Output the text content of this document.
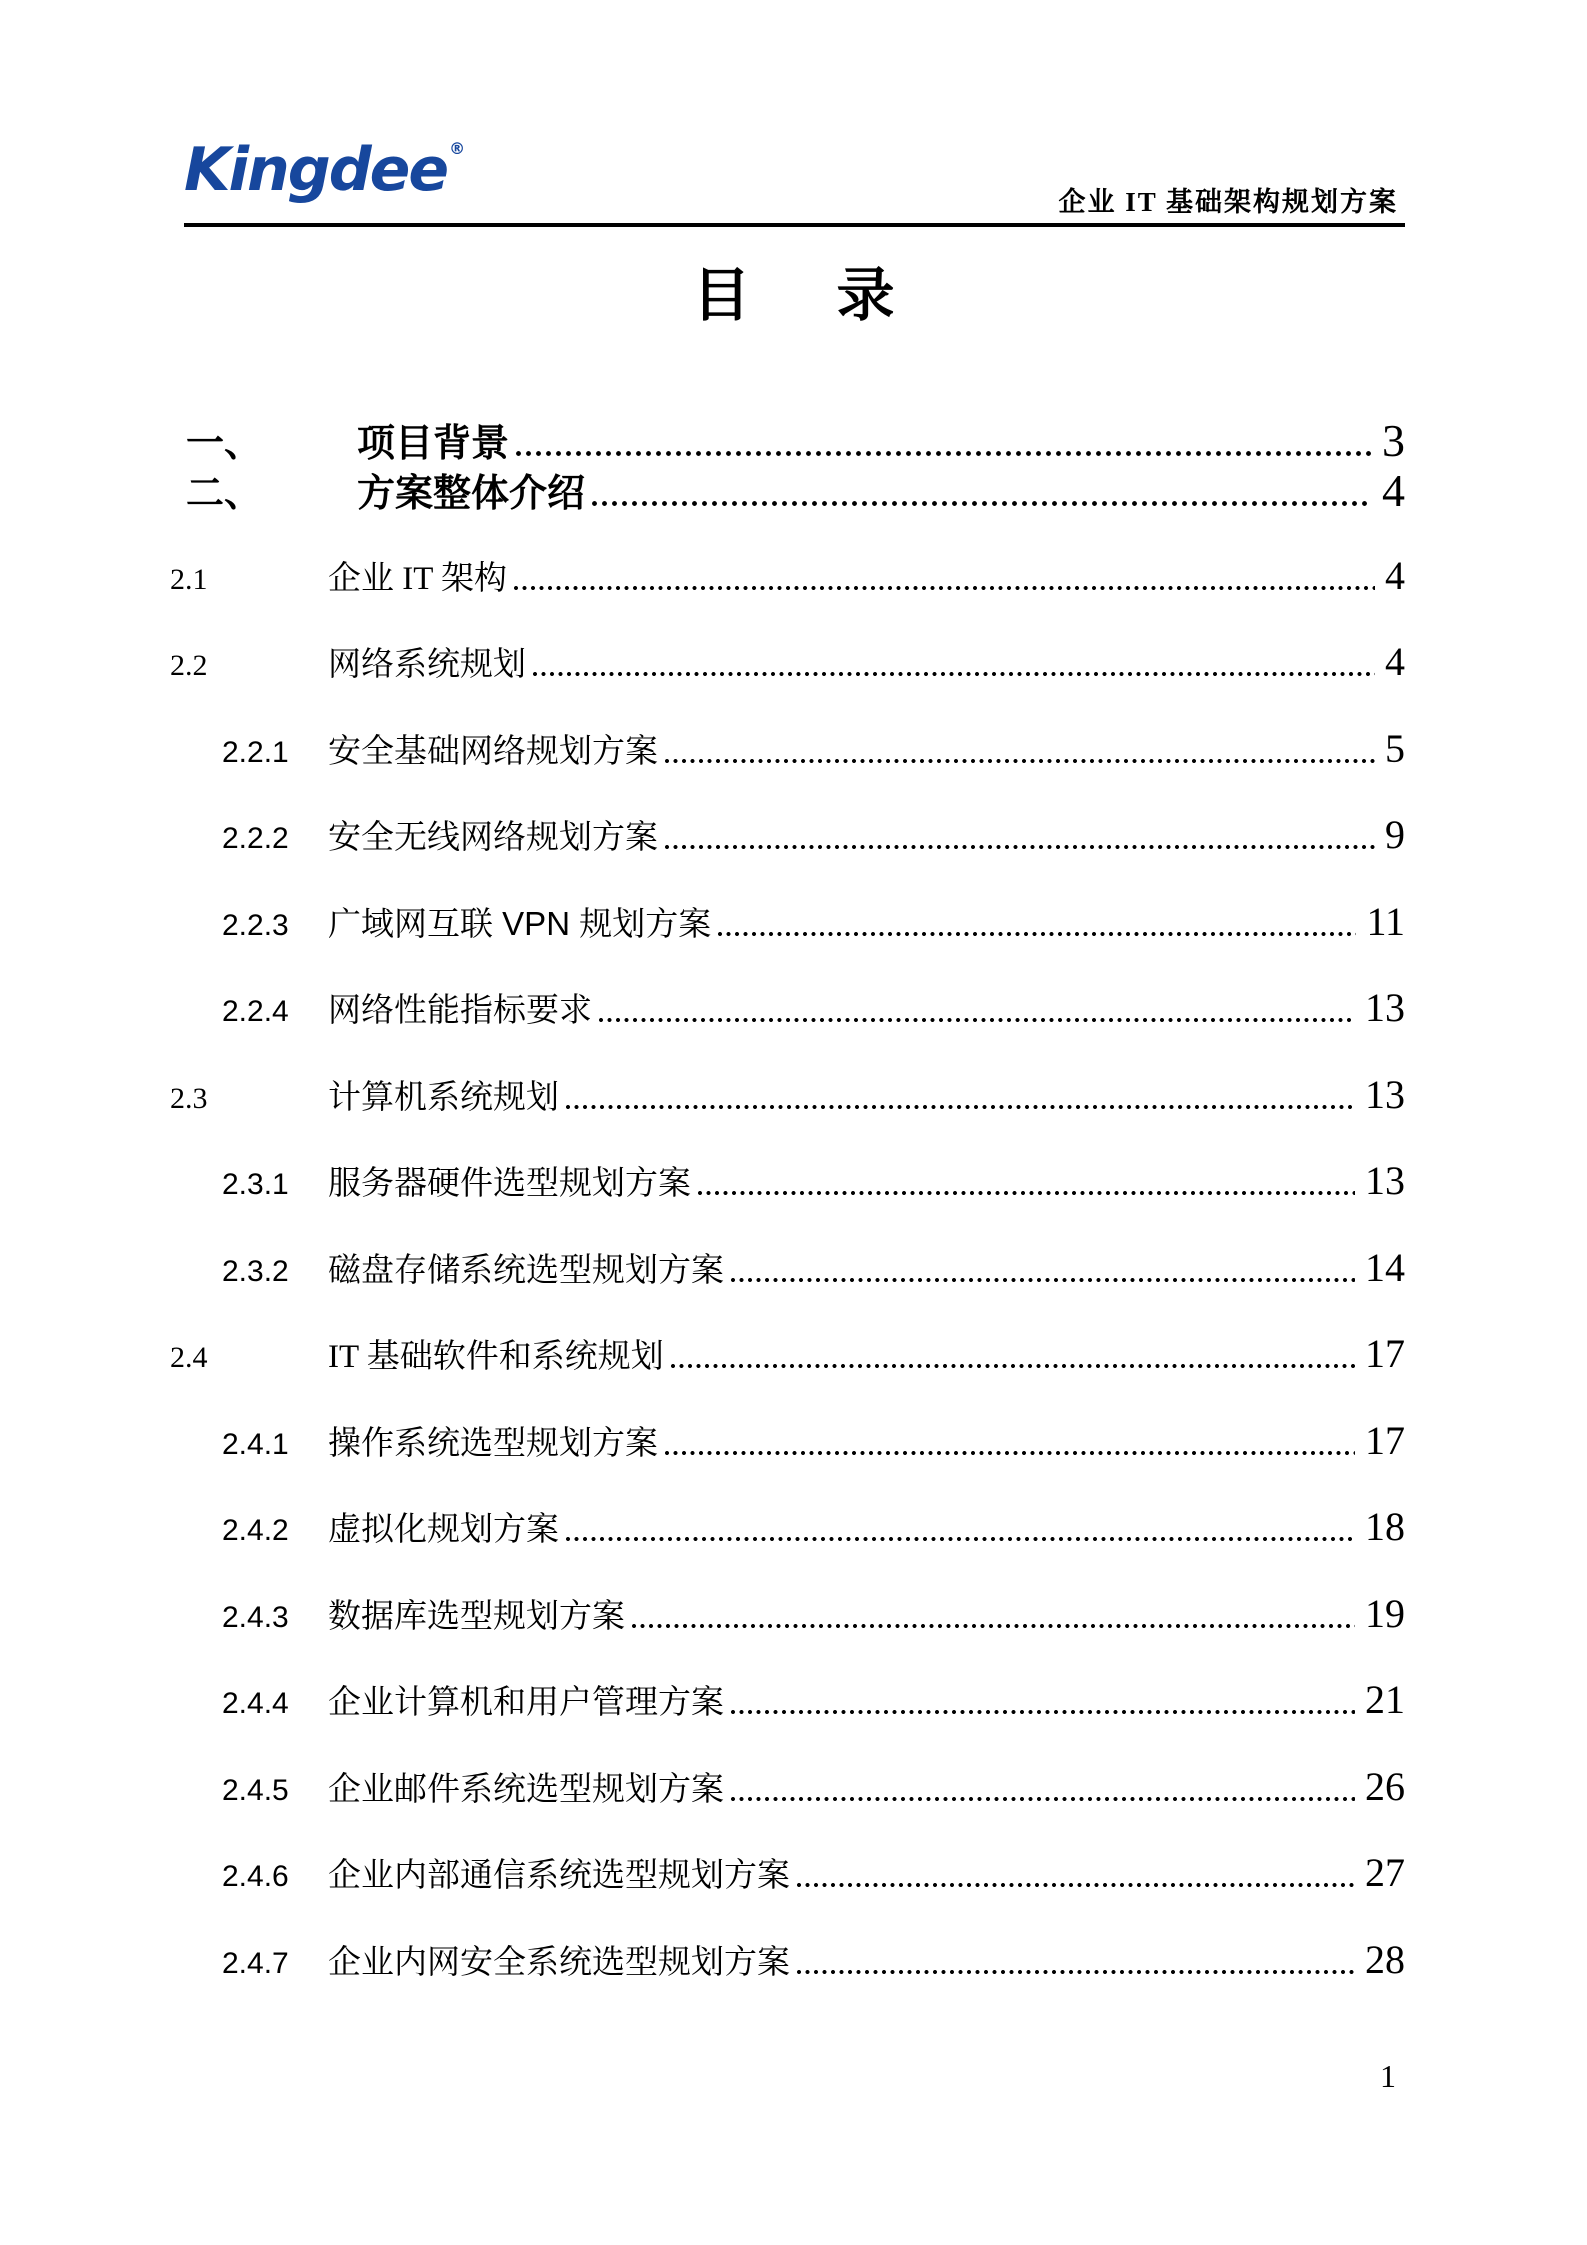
Kingdee ®
企业 IT 基础架构规划方案
目　录
一、	项目背景	3
二、	方案整体介绍	4
2.1	企业 IT 架构	4
2.2	网络系统规划	4
2.2.1	安全基础网络规划方案	5
2.2.2	安全无线网络规划方案	9
2.2.3	广域网互联 VPN 规划方案	11
2.2.4	网络性能指标要求	13
2.3	计算机系统规划	13
2.3.1	服务器硬件选型规划方案	13
2.3.2	磁盘存储系统选型规划方案	14
2.4	IT 基础软件和系统规划	17
2.4.1	操作系统选型规划方案	17
2.4.2	虚拟化规划方案	18
2.4.3	数据库选型规划方案	19
2.4.4	企业计算机和用户管理方案	21
2.4.5	企业邮件系统选型规划方案	26
2.4.6	企业内部通信系统选型规划方案	27
2.4.7	企业内网安全系统选型规划方案	28
1
